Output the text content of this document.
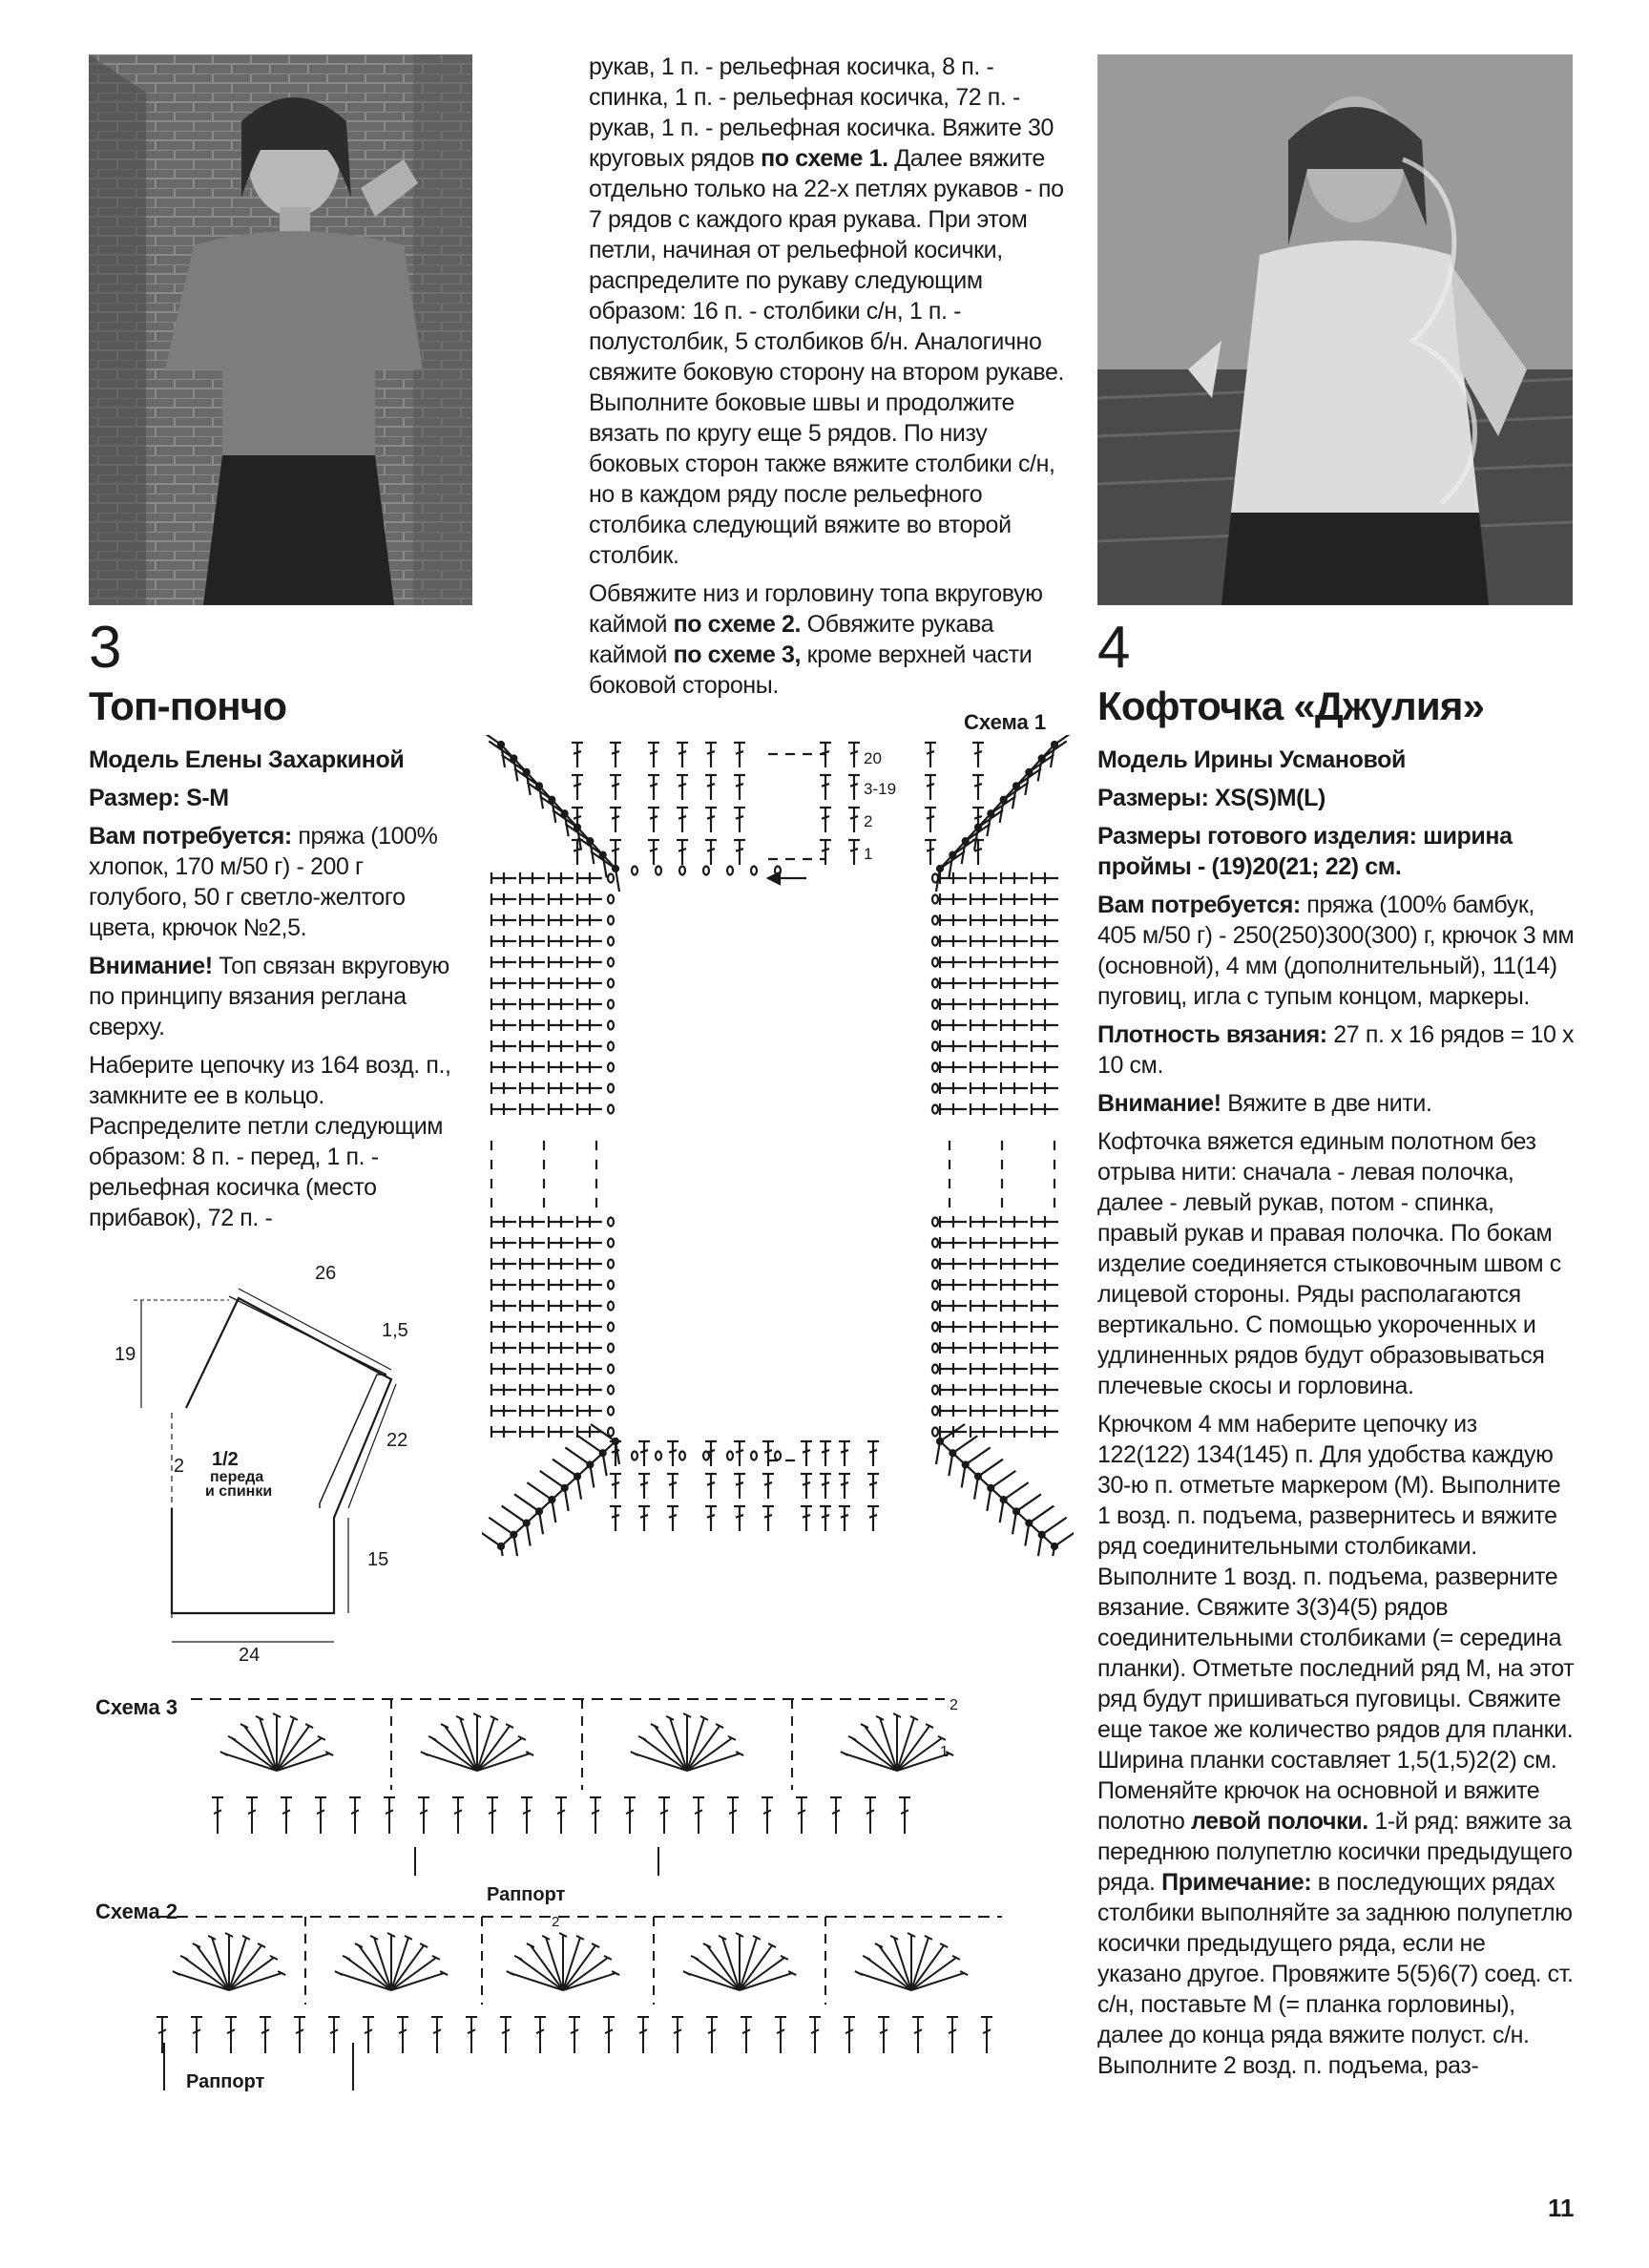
3
Топ-пончо

Модель Елены Захаркиной

Размер: S-M

Вам потребуется: пряжа (100% хлопок, 170 м/50 г) - 200 г голубого, 50 г светло-желтого цвета, крючок №2,5.

Внимание! Топ связан вкруговую по принципу вязания реглана сверху.

Наберите цепочку из 164 возд. п., замкните ее в кольцо. Распределите петли следующим образом: 8 п. - перед, 1 п. - рельефная косичка (место прибавок), 72 п. -

рукав, 1 п. - рельефная косичка, 8 п. - спинка, 1 п. - рельефная косичка, 72 п. - рукав, 1 п. - рельефная косичка. Вяжите 30 круговых рядов по схеме 1. Далее вяжите отдельно только на 22-х петлях рукавов - по 7 рядов с каждого края рукава. При этом петли, начиная от рельефной косички, распределите по рукаву следующим образом: 16 п. - столбики с/н, 1 п. - полустолбик, 5 столбиков б/н. Аналогично свяжите боковую сторону на втором рукаве. Выполните боковые швы и продолжите вязать по кругу еще 5 рядов. По низу боковых сторон также вяжите столбики с/н, но в каждом ряду после рельефного столбика следующий вяжите во второй столбик.

Обвяжите низ и горловину топа вкруговую каймой по схеме 2. Обвяжите рукава каймой по схеме 3, кроме верхней части боковой стороны.

4
Кофточка «Джулия»

Модель Ирины Усмановой

Размеры: XS(S)M(L)

Размеры готового изделия: ширина проймы - (19)20(21; 22) см.

Вам потребуется: пряжа (100% бамбук, 405 м/50 г) - 250(250)300(300) г, крючок 3 мм (основной), 4 мм (дополнительный), 11(14) пуговиц, игла с тупым концом, маркеры.

Плотность вязания: 27 п. х 16 рядов = 10 х 10 см.

Внимание! Вяжите в две нити.

Кофточка вяжется единым полотном без отрыва нити: сначала - левая полочка, далее - левый рукав, потом - спинка, правый рукав и правая полочка. По бокам изделие соединяется стыковочным швом с лицевой стороны. Ряды располагаются вертикально. С помощью укороченных и удлиненных рядов будут образовываться плечевые скосы и горловина.

Крючком 4 мм наберите цепочку из 122(122) 134(145) п. Для удобства каждую 30-ю п. отметьте маркером (М). Выполните 1 возд. п. подъема, развернитесь и вяжите ряд соединительными столбиками. Выполните 1 возд. п. подъема, разверните вязание. Свяжите 3(3)4(5) рядов соединительными столбиками (= середина планки). Отметьте последний ряд М, на этот ряд будут пришиваться пуговицы. Свяжите еще такое же количество рядов для планки. Ширина планки составляет 1,5(1,5)2(2) см. Поменяйте крючок на основной и вяжите полотно левой полочки. 1-й ряд: вяжите за переднюю полупетлю косички предыдущего ряда. Примечание: в последующих рядах столбики выполняйте за заднюю полупетлю косички предыдущего ряда, если не указано другое. Провяжите 5(5)6(7) соед. ст. с/н, поставьте М (= планка горловины), далее до конца ряда вяжите полуст. с/н. Выполните 2 возд. п. подъема, раз-

Схема 1
20
3-19
2
1
26
1,5
19
22
2
15
24
1/2
переда
и спинки
Схема 3	2
1
Раппорт
Схема 2	2
Раппорт
11
